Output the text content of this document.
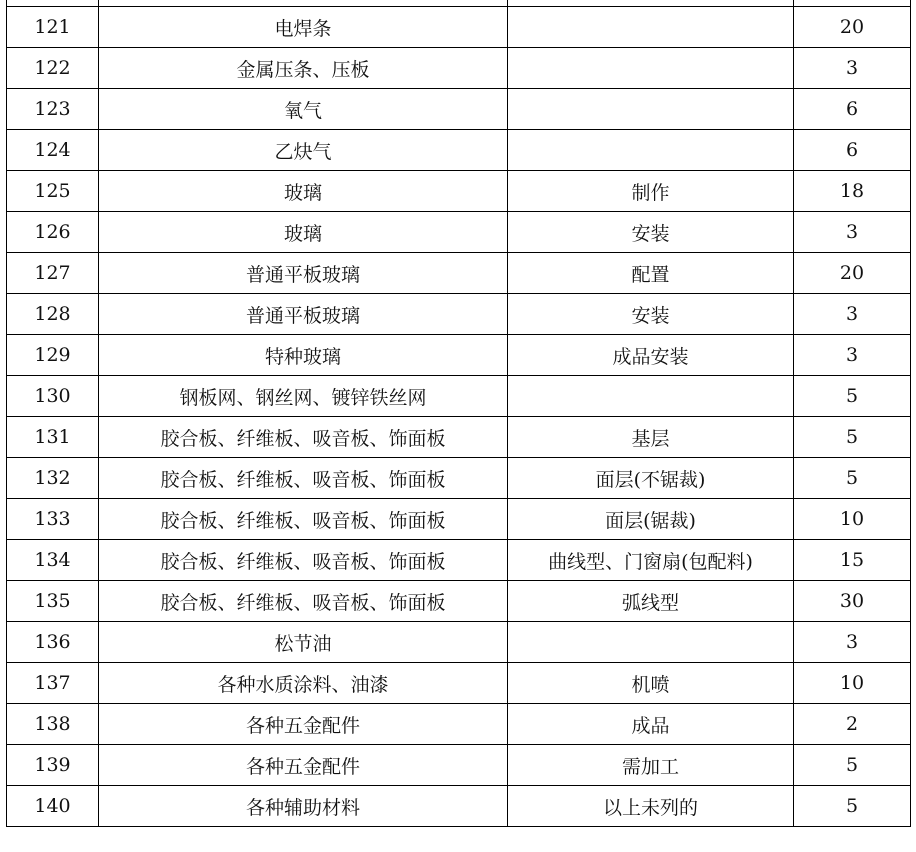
121	电焊条		20
122	金属压条、压板		3
123	氧气		6
124	乙炔气		6
125	玻璃	制作	18
126	玻璃	安装	3
127	普通平板玻璃	配置	20
128	普通平板玻璃	安装	3
129	特种玻璃	成品安装	3
130	钢板网、钢丝网、镀锌铁丝网		5
131	胶合板、纤维板、吸音板、饰面板	基层	5
132	胶合板、纤维板、吸音板、饰面板	面层(不锯裁)	5
133	胶合板、纤维板、吸音板、饰面板	面层(锯裁)	10
134	胶合板、纤维板、吸音板、饰面板	曲线型、门窗扇(包配料)	15
135	胶合板、纤维板、吸音板、饰面板	弧线型	30
136	松节油		3
137	各种水质涂料、油漆	机喷	10
138	各种五金配件	成品	2
139	各种五金配件	需加工	5
140	各种辅助材料	以上未列的	5
